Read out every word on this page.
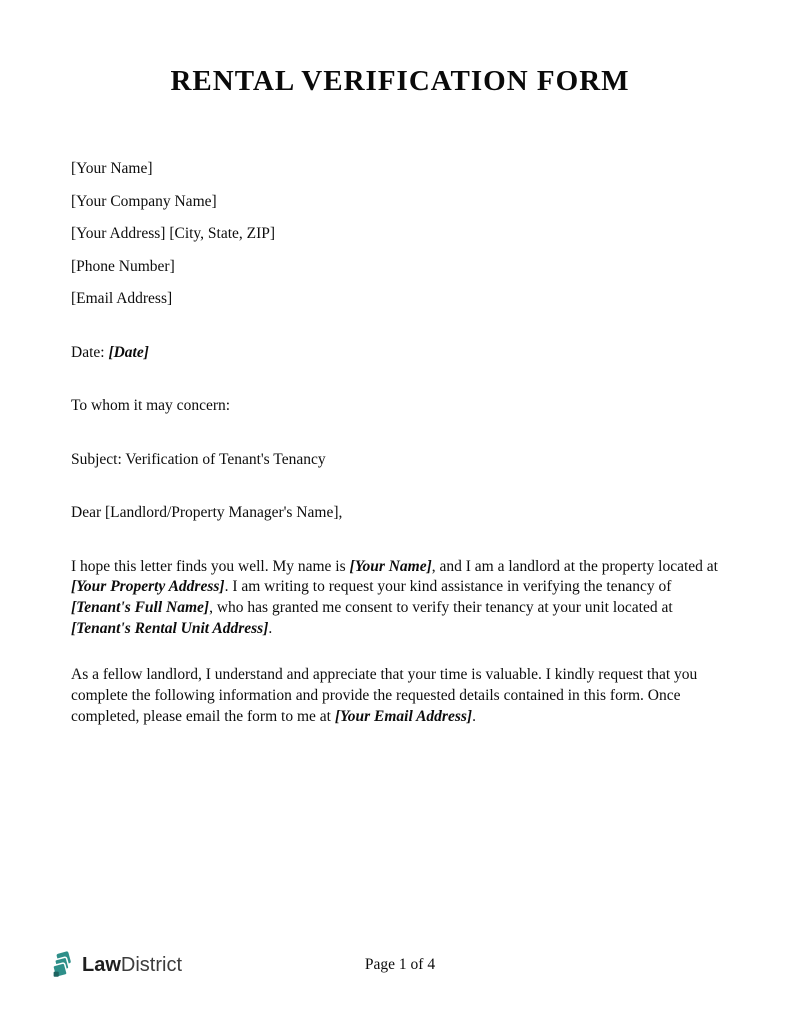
RENTAL VERIFICATION FORM

[Your Name]

[Your Company Name]

[Your Address] [City, State, ZIP]

[Phone Number]

[Email Address]

Date: [Date]

To whom it may concern:

Subject: Verification of Tenant's Tenancy

Dear [Landlord/Property Manager's Name],

I hope this letter finds you well. My name is [Your Name], and I am a landlord at the property located at [Your Property Address]. I am writing to request your kind assistance in verifying the tenancy of [Tenant's Full Name], who has granted me consent to verify their tenancy at your unit located at [Tenant's Rental Unit Address].

As a fellow landlord, I understand and appreciate that your time is valuable. I kindly request that you complete the following information and provide the requested details contained in this form. Once completed, please email the form to me at [Your Email Address].

LawDistrict	Page 1 of 4
